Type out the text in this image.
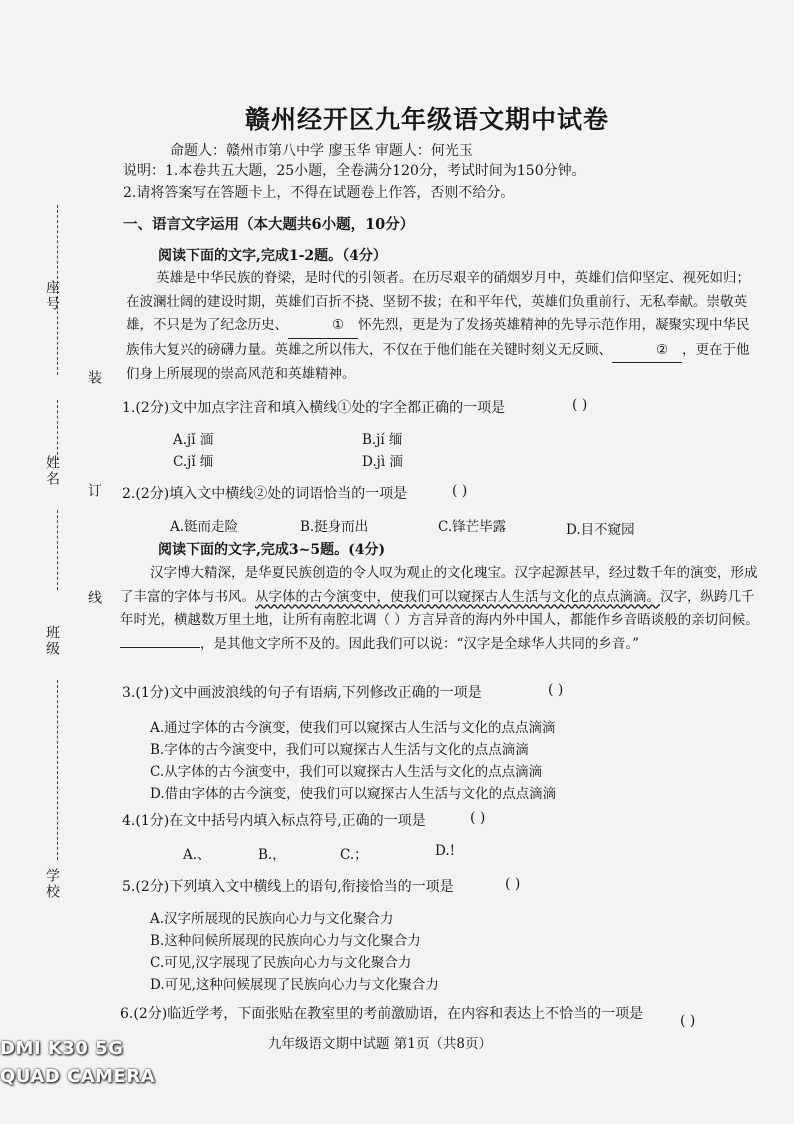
赣州经开区九年级语文期中试卷
命题人：赣州市第八中学 廖玉华 审题人：何光玉
说明：1.本卷共五大题，25小题，全卷满分120分，考试时间为150分钟。
2.请将答案写在答题卡上，不得在试题卷上作答，否则不给分。
座号
装
姓名
订
线
班级
学校
一、语言文字运用（本大题共6小题，10分）
阅读下面的文字,完成1-2题。（4分）
英雄是中华民族的脊梁，是时代的引领者。在历尽艰辛的硝烟岁月中，英雄们信仰坚定、视死如归；在波澜壮阔的建设时期，英雄们百折不挠、坚韧不拔；在和平年代，英雄们负重前行、无私奉献。崇敬英雄，不只是为了纪念历史、	① 怀先烈，更是为了发扬英雄精神的先导示范作用，凝聚实现中华民族伟大复兴的磅礴力量。英雄之所以伟大，不仅在于他们能在关键时刻义无反顾、	② ，更在于他们身上所展现的崇高风范和英雄精神。
1.(2分)文中加点字注音和填入横线①处的字全都正确的一项是	( )
A.jǐ 湎	B.jí 缅
C.jǐ 缅	D.jì 湎
2.(2分)填入文中横线②处的词语恰当的一项是	( )
A.铤而走险	B.挺身而出	C.锋芒毕露	D.目不窥园
阅读下面的文字,完成3~5题。(4分)
汉字博大精深，是华夏民族创造的令人叹为观止的文化瑰宝。汉字起源甚早，经过数千年的演变，形成了丰富的字体与书风。从字体的古今演变中，使我们可以窥探古人生活与文化的点点滴滴。汉字，纵跨几千年时光，横越数万里土地，让所有南腔北调（ ）方言异音的海内外中国人，都能作乡音晤谈般的亲切问候。，是其他文字所不及的。因此我们可以说：“汉字是全球华人共同的乡音。”
3.(1分)文中画波浪线的句子有语病,下列修改正确的一项是	( )
A.通过字体的古今演变，使我们可以窥探古人生活与文化的点点滴滴
B.字体的古今演变中，我们可以窥探古人生活与文化的点点滴滴
C.从字体的古今演变中，我们可以窥探古人生活与文化的点点滴滴
D.借由字体的古今演变，使我们可以窥探古人生活与文化的点点滴滴
4.(1分)在文中括号内填入标点符号,正确的一项是	( )
A.、	B.，	C.；	D.!
5.(2分)下列填入文中横线上的语句,衔接恰当的一项是	( )
A.汉字所展现的民族向心力与文化聚合力
B.这种问候所展现的民族向心力与文化聚合力
C.可见,汉字展现了民族向心力与文化聚合力
D.可见,这种问候展现了民族向心力与文化聚合力
6.(2分)临近学考，下面张贴在教室里的考前激励语，在内容和表达上不恰当的一项是	( )
九年级语文期中试题 第1页（共8页）
DMI K30 5G
QUAD CAMERA
